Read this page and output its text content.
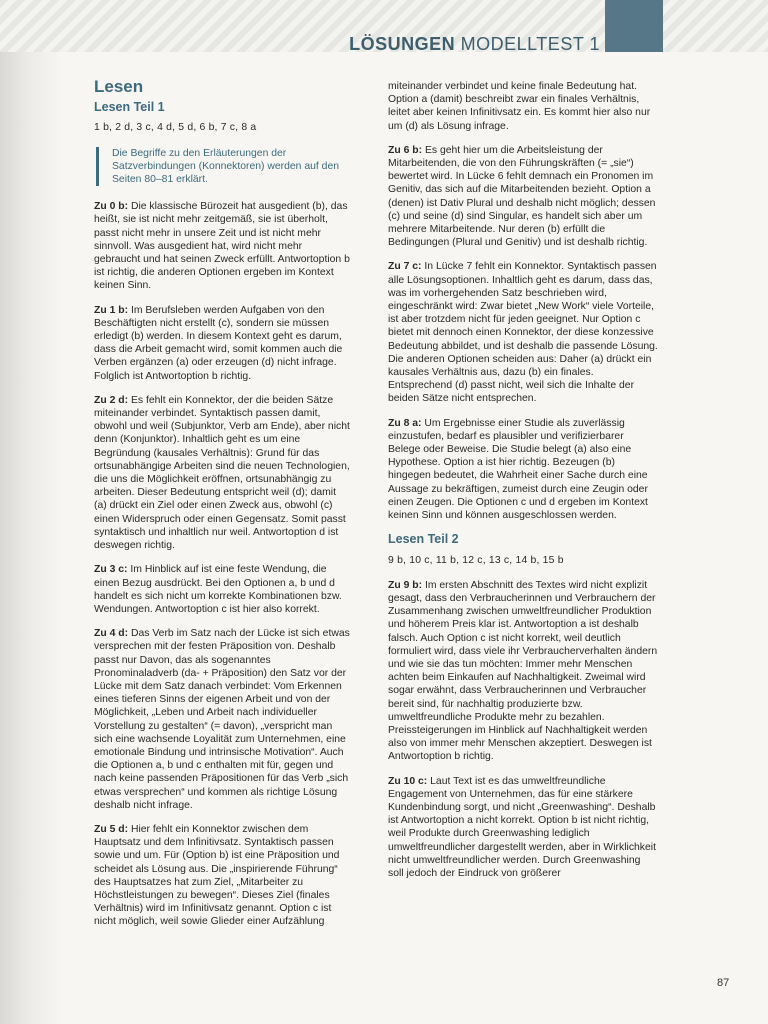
LÖSUNGEN MODELLTEST 1
Lesen
Lesen Teil 1
1 b, 2 d, 3 c, 4 d, 5 d, 6 b, 7 c, 8 a
Die Begriffe zu den Erläuterungen der Satzverbindungen (Konnektoren) werden auf den Seiten 80–81 erklärt.

Zu 0 b: Die klassische Bürozeit hat ausgedient (b), das heißt, sie ist nicht mehr zeitgemäß, sie ist überholt, passt nicht mehr in unsere Zeit und ist nicht mehr sinnvoll. Was ausgedient hat, wird nicht mehr gebraucht und hat seinen Zweck erfüllt. Antwortoption b ist richtig, die anderen Optionen ergeben im Kontext keinen Sinn.

Zu 1 b: Im Berufsleben werden Aufgaben von den Beschäftigten nicht erstellt (c), sondern sie müssen erledigt (b) werden. In diesem Kontext geht es darum, dass die Arbeit gemacht wird, somit kommen auch die Verben ergänzen (a) oder erzeugen (d) nicht infrage. Folglich ist Antwortoption b richtig.

Zu 2 d: Es fehlt ein Konnektor, der die beiden Sätze miteinander verbindet. Syntaktisch passen damit, obwohl und weil (Subjunktor, Verb am Ende), aber nicht denn (Konjunktor). Inhaltlich geht es um eine Begründung (kausales Verhältnis): Grund für das ortsunabhängige Arbeiten sind die neuen Technologien, die uns die Möglichkeit eröffnen, ortsunabhängig zu arbeiten. Dieser Bedeutung entspricht weil (d); damit (a) drückt ein Ziel oder einen Zweck aus, obwohl (c) einen Widerspruch oder einen Gegensatz. Somit passt syntaktisch und inhaltlich nur weil. Antwortoption d ist deswegen richtig.

Zu 3 c: Im Hinblick auf ist eine feste Wendung, die einen Bezug ausdrückt. Bei den Optionen a, b und d handelt es sich nicht um korrekte Kombinationen bzw. Wendungen. Antwortoption c ist hier also korrekt.

Zu 4 d: Das Verb im Satz nach der Lücke ist sich etwas versprechen mit der festen Präposition von. Deshalb passt nur Davon, das als sogenanntes Pronominaladverb (da- + Präposition) den Satz vor der Lücke mit dem Satz danach verbindet: Vom Erkennen eines tieferen Sinns der eigenen Arbeit und von der Möglichkeit, „Leben und Arbeit nach individueller Vorstellung zu gestalten“ (= davon), „verspricht man sich eine wachsende Loyalität zum Unternehmen, eine emotionale Bindung und intrinsische Motivation“. Auch die Optionen a, b und c enthalten mit für, gegen und nach keine passenden Präpositionen für das Verb „sich etwas versprechen“ und kommen als richtige Lösung deshalb nicht infrage.

Zu 5 d: Hier fehlt ein Konnektor zwischen dem Hauptsatz und dem Infinitivsatz. Syntaktisch passen sowie und um. Für (Option b) ist eine Präposition und scheidet als Lösung aus. Die „inspirierende Führung“ des Hauptsatzes hat zum Ziel, „Mitarbeiter zu Höchstleistungen zu bewegen“. Dieses Ziel (finales Verhältnis) wird im Infinitivsatz genannt. Option c ist nicht möglich, weil sowie Glieder einer Aufzählung

miteinander verbindet und keine finale Bedeutung hat. Option a (damit) beschreibt zwar ein finales Verhältnis, leitet aber keinen Infinitivsatz ein. Es kommt hier also nur um (d) als Lösung infrage.

Zu 6 b: Es geht hier um die Arbeitsleistung der Mitarbeitenden, die von den Führungskräften (= „sie“) bewertet wird. In Lücke 6 fehlt demnach ein Pronomen im Genitiv, das sich auf die Mitarbeitenden bezieht. Option a (denen) ist Dativ Plural und deshalb nicht möglich; dessen (c) und seine (d) sind Singular, es handelt sich aber um mehrere Mitarbeitende. Nur deren (b) erfüllt die Bedingungen (Plural und Genitiv) und ist deshalb richtig.

Zu 7 c: In Lücke 7 fehlt ein Konnektor. Syntaktisch passen alle Lösungsoptionen. Inhaltlich geht es darum, dass das, was im vorhergehenden Satz beschrieben wird, eingeschränkt wird: Zwar bietet „New Work“ viele Vorteile, ist aber trotzdem nicht für jeden geeignet. Nur Option c bietet mit dennoch einen Konnektor, der diese konzessive Bedeutung abbildet, und ist deshalb die passende Lösung. Die anderen Optionen scheiden aus: Daher (a) drückt ein kausales Verhältnis aus, dazu (b) ein finales. Entsprechend (d) passt nicht, weil sich die Inhalte der beiden Sätze nicht entsprechen.

Zu 8 a: Um Ergebnisse einer Studie als zuverlässig einzustufen, bedarf es plausibler und verifizierbarer Belege oder Beweise. Die Studie belegt (a) also eine Hypothese. Option a ist hier richtig. Bezeugen (b) hingegen bedeutet, die Wahrheit einer Sache durch eine Aussage zu bekräftigen, zumeist durch eine Zeugin oder einen Zeugen. Die Optionen c und d ergeben im Kontext keinen Sinn und können ausgeschlossen werden.

Lesen Teil 2
9 b, 10 c, 11 b, 12 c, 13 c, 14 b, 15 b

Zu 9 b: Im ersten Abschnitt des Textes wird nicht explizit gesagt, dass den Verbraucherinnen und Verbrauchern der Zusammenhang zwischen umweltfreundlicher Produktion und höherem Preis klar ist. Antwortoption a ist deshalb falsch. Auch Option c ist nicht korrekt, weil deutlich formuliert wird, dass viele ihr Verbraucherverhalten ändern und wie sie das tun möchten: Immer mehr Menschen achten beim Einkaufen auf Nachhaltigkeit. Zweimal wird sogar erwähnt, dass Verbraucherinnen und Verbraucher bereit sind, für nachhaltig produzierte bzw. umweltfreundliche Produkte mehr zu bezahlen. Preissteigerungen im Hinblick auf Nachhaltigkeit werden also von immer mehr Menschen akzeptiert. Deswegen ist Antwortoption b richtig.

Zu 10 c: Laut Text ist es das umweltfreundliche Engagement von Unternehmen, das für eine stärkere Kundenbindung sorgt, und nicht „Greenwashing“. Deshalb ist Antwortoption a nicht korrekt. Option b ist nicht richtig, weil Produkte durch Greenwashing lediglich umweltfreundlicher dargestellt werden, aber in Wirklichkeit nicht umweltfreundlicher werden. Durch Greenwashing soll jedoch der Eindruck von größerer

87
